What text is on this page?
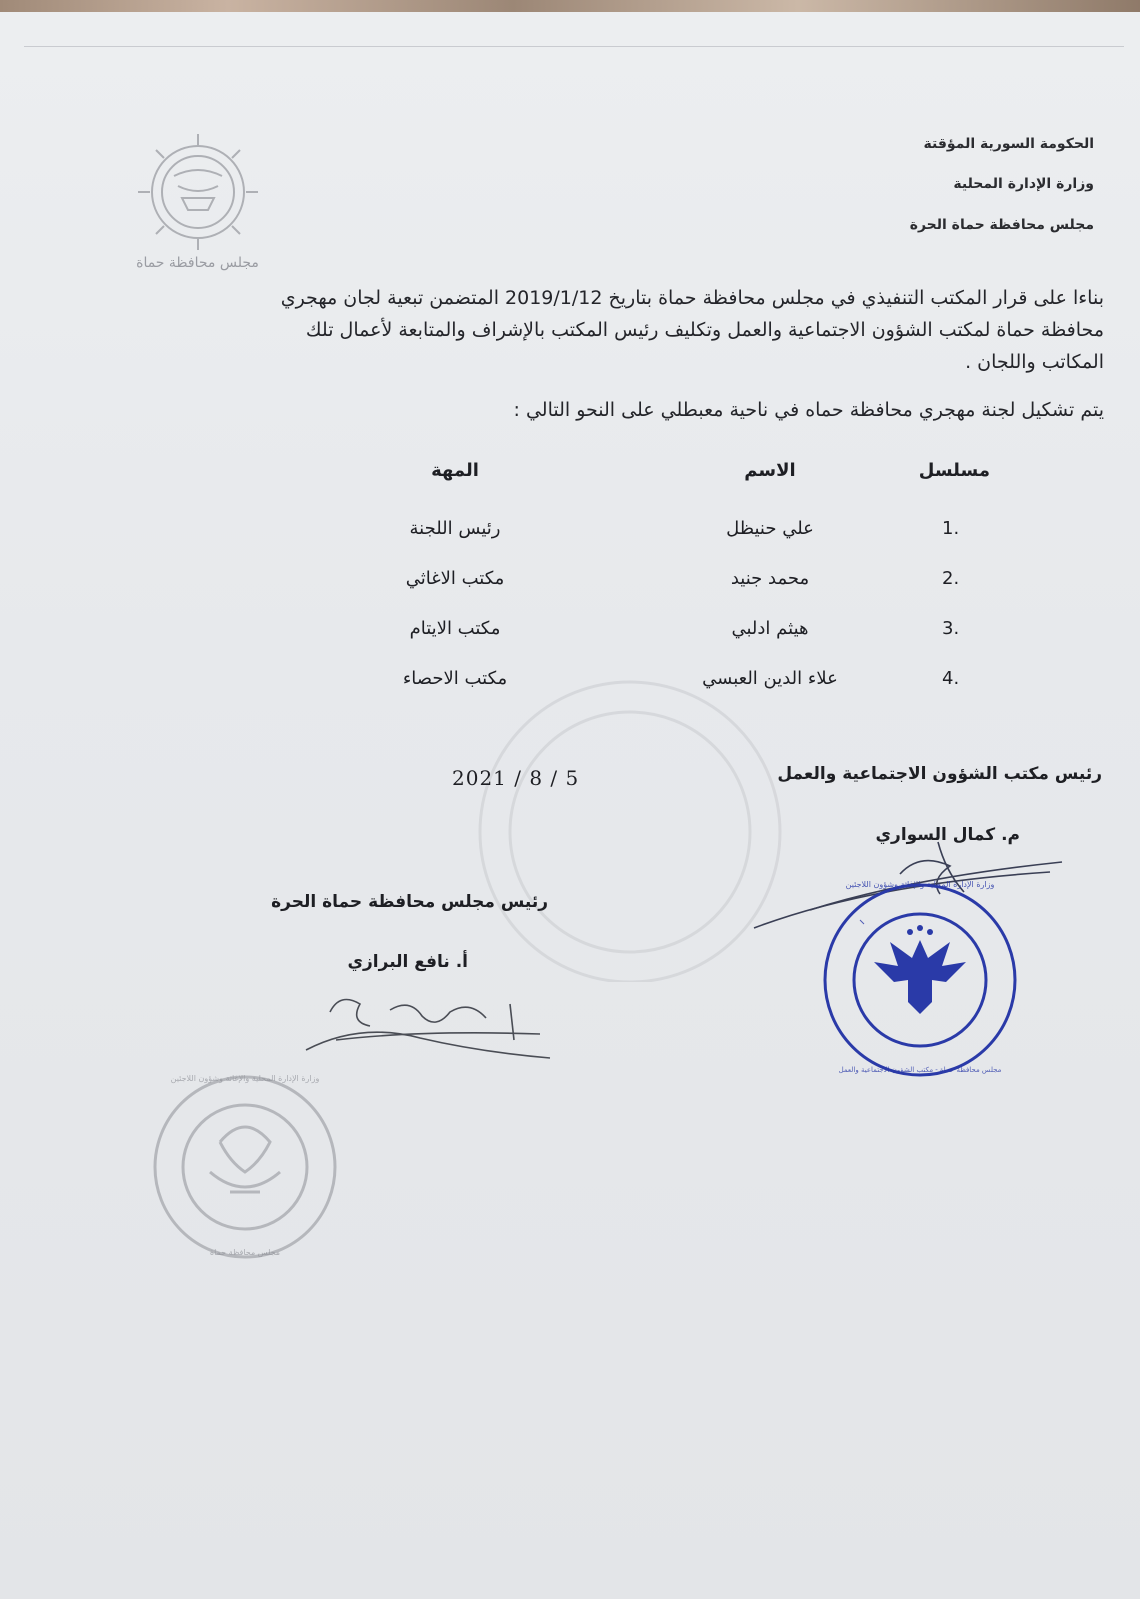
مجلس محافظة حماة
الحكومة السورية المؤقتة
وزارة الإدارة المحلية
مجلس محافظة حماة الحرة
بناءا على قرار المكتب التنفيذي في مجلس محافظة حماة بتاريخ 2019/1/12 المتضمن تبعية لجان مهجري
محافظة حماة لمكتب الشؤون الاجتماعية والعمل وتكليف رئيس المكتب بالإشراف والمتابعة لأعمال تلك
المكاتب واللجان .
يتم تشكيل لجنة مهجري محافظة حماه في ناحية معبطلي على النحو التالي :
مسلسل
الاسم
المهة
1.
علي حنيظل
رئيس اللجنة
2.
محمد جنيد
مكتب الاغاثي
3.
هيثم ادلبي
مكتب الايتام
4.
علاء الدين العبسي
مكتب الاحصاء
رئيس مكتب الشؤون الاجتماعية والعمل
2021 / 8 / 5
م. كمال السواري
وزارة الإدارة المحلية والإغاثة وشؤون اللاجئين
مجلس محافظة حماة - مكتب الشؤون الاجتماعية والعمل
رئيس مجلس محافظة حماة الحرة
أ. نافع البرازي
وزارة الإدارة المحلية والإغاثة وشؤون اللاجئين
مجلس محافظة حماة
